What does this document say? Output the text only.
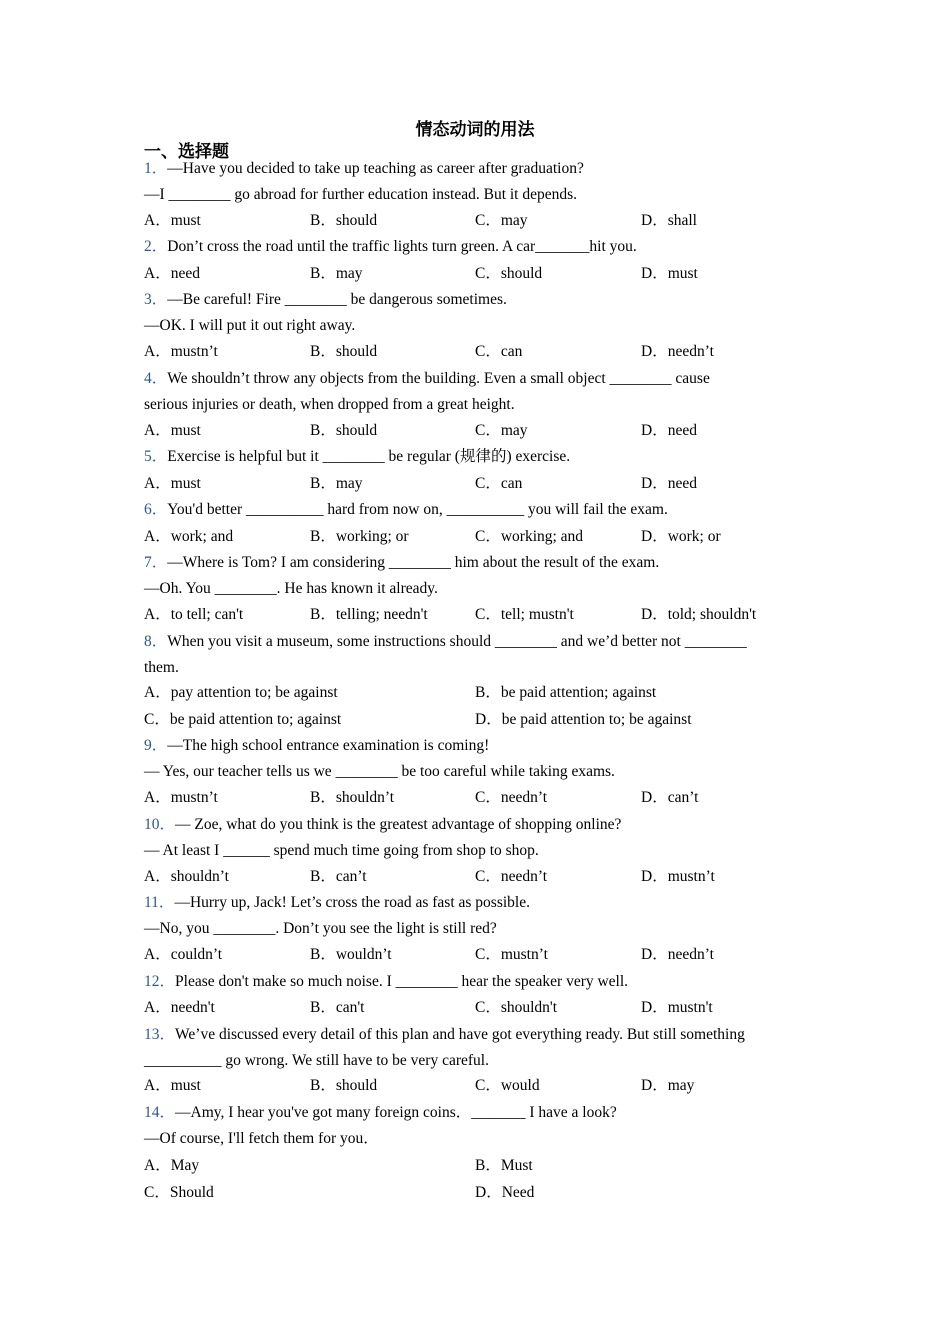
情态动词的用法
一、选择题
1．—Have you decided to take up teaching as career after graduation?
—I ________ go abroad for further education instead. But it depends.
A．must	B．should	C．may	D．shall
2．Don’t cross the road until the traffic lights turn green. A car_______hit you.
A．need	B．may	C．should	D．must
3．—Be careful! Fire ________ be dangerous sometimes.
—OK. I will put it out right away.
A．mustn’t	B．should	C．can	D．needn’t
4．We shouldn’t throw any objects from the building. Even a small object ________ cause
serious injuries or death, when dropped from a great height.
A．must	B．should	C．may	D．need
5．Exercise is helpful but it ________ be regular (规律的) exercise.
A．must	B．may	C．can	D．need
6．You'd better __________ hard from now on, __________ you will fail the exam.
A．work; and	B．working; or	C．working; and	D．work; or
7．—Where is Tom? I am considering ________ him about the result of the exam.
—Oh. You ________. He has known it already.
A．to tell; can't	B．telling; needn't	C．tell; mustn't	D．told; shouldn't
8．When you visit a museum, some instructions should ________ and we’d better not ________
them.
A．pay attention to; be against	B．be paid attention; against
C．be paid attention to; against	D．be paid attention to; be against
9．—The high school entrance examination is coming!
— Yes, our teacher tells us we ________ be too careful while taking exams.
A．mustn’t	B．shouldn’t	C．needn’t	D．can’t
10．— Zoe, what do you think is the greatest advantage of shopping online?
— At least I ______ spend much time going from shop to shop.
A．shouldn’t	B．can’t	C．needn’t	D．mustn’t
11．—Hurry up, Jack! Let’s cross the road as fast as possible.
—No, you ________. Don’t you see the light is still red?
A．couldn’t	B．wouldn’t	C．mustn’t	D．needn’t
12．Please don't make so much noise. I ________ hear the speaker very well.
A．needn't	B．can't	C．shouldn't	D．mustn't
13．We’ve discussed every detail of this plan and have got everything ready. But still something
__________ go wrong. We still have to be very careful.
A．must	B．should	C．would	D．may
14．—Amy, I hear you've got many foreign coins．_______ I have a look?
—Of course, I'll fetch them for you．
A．May	B．Must
C．Should	D．Need
